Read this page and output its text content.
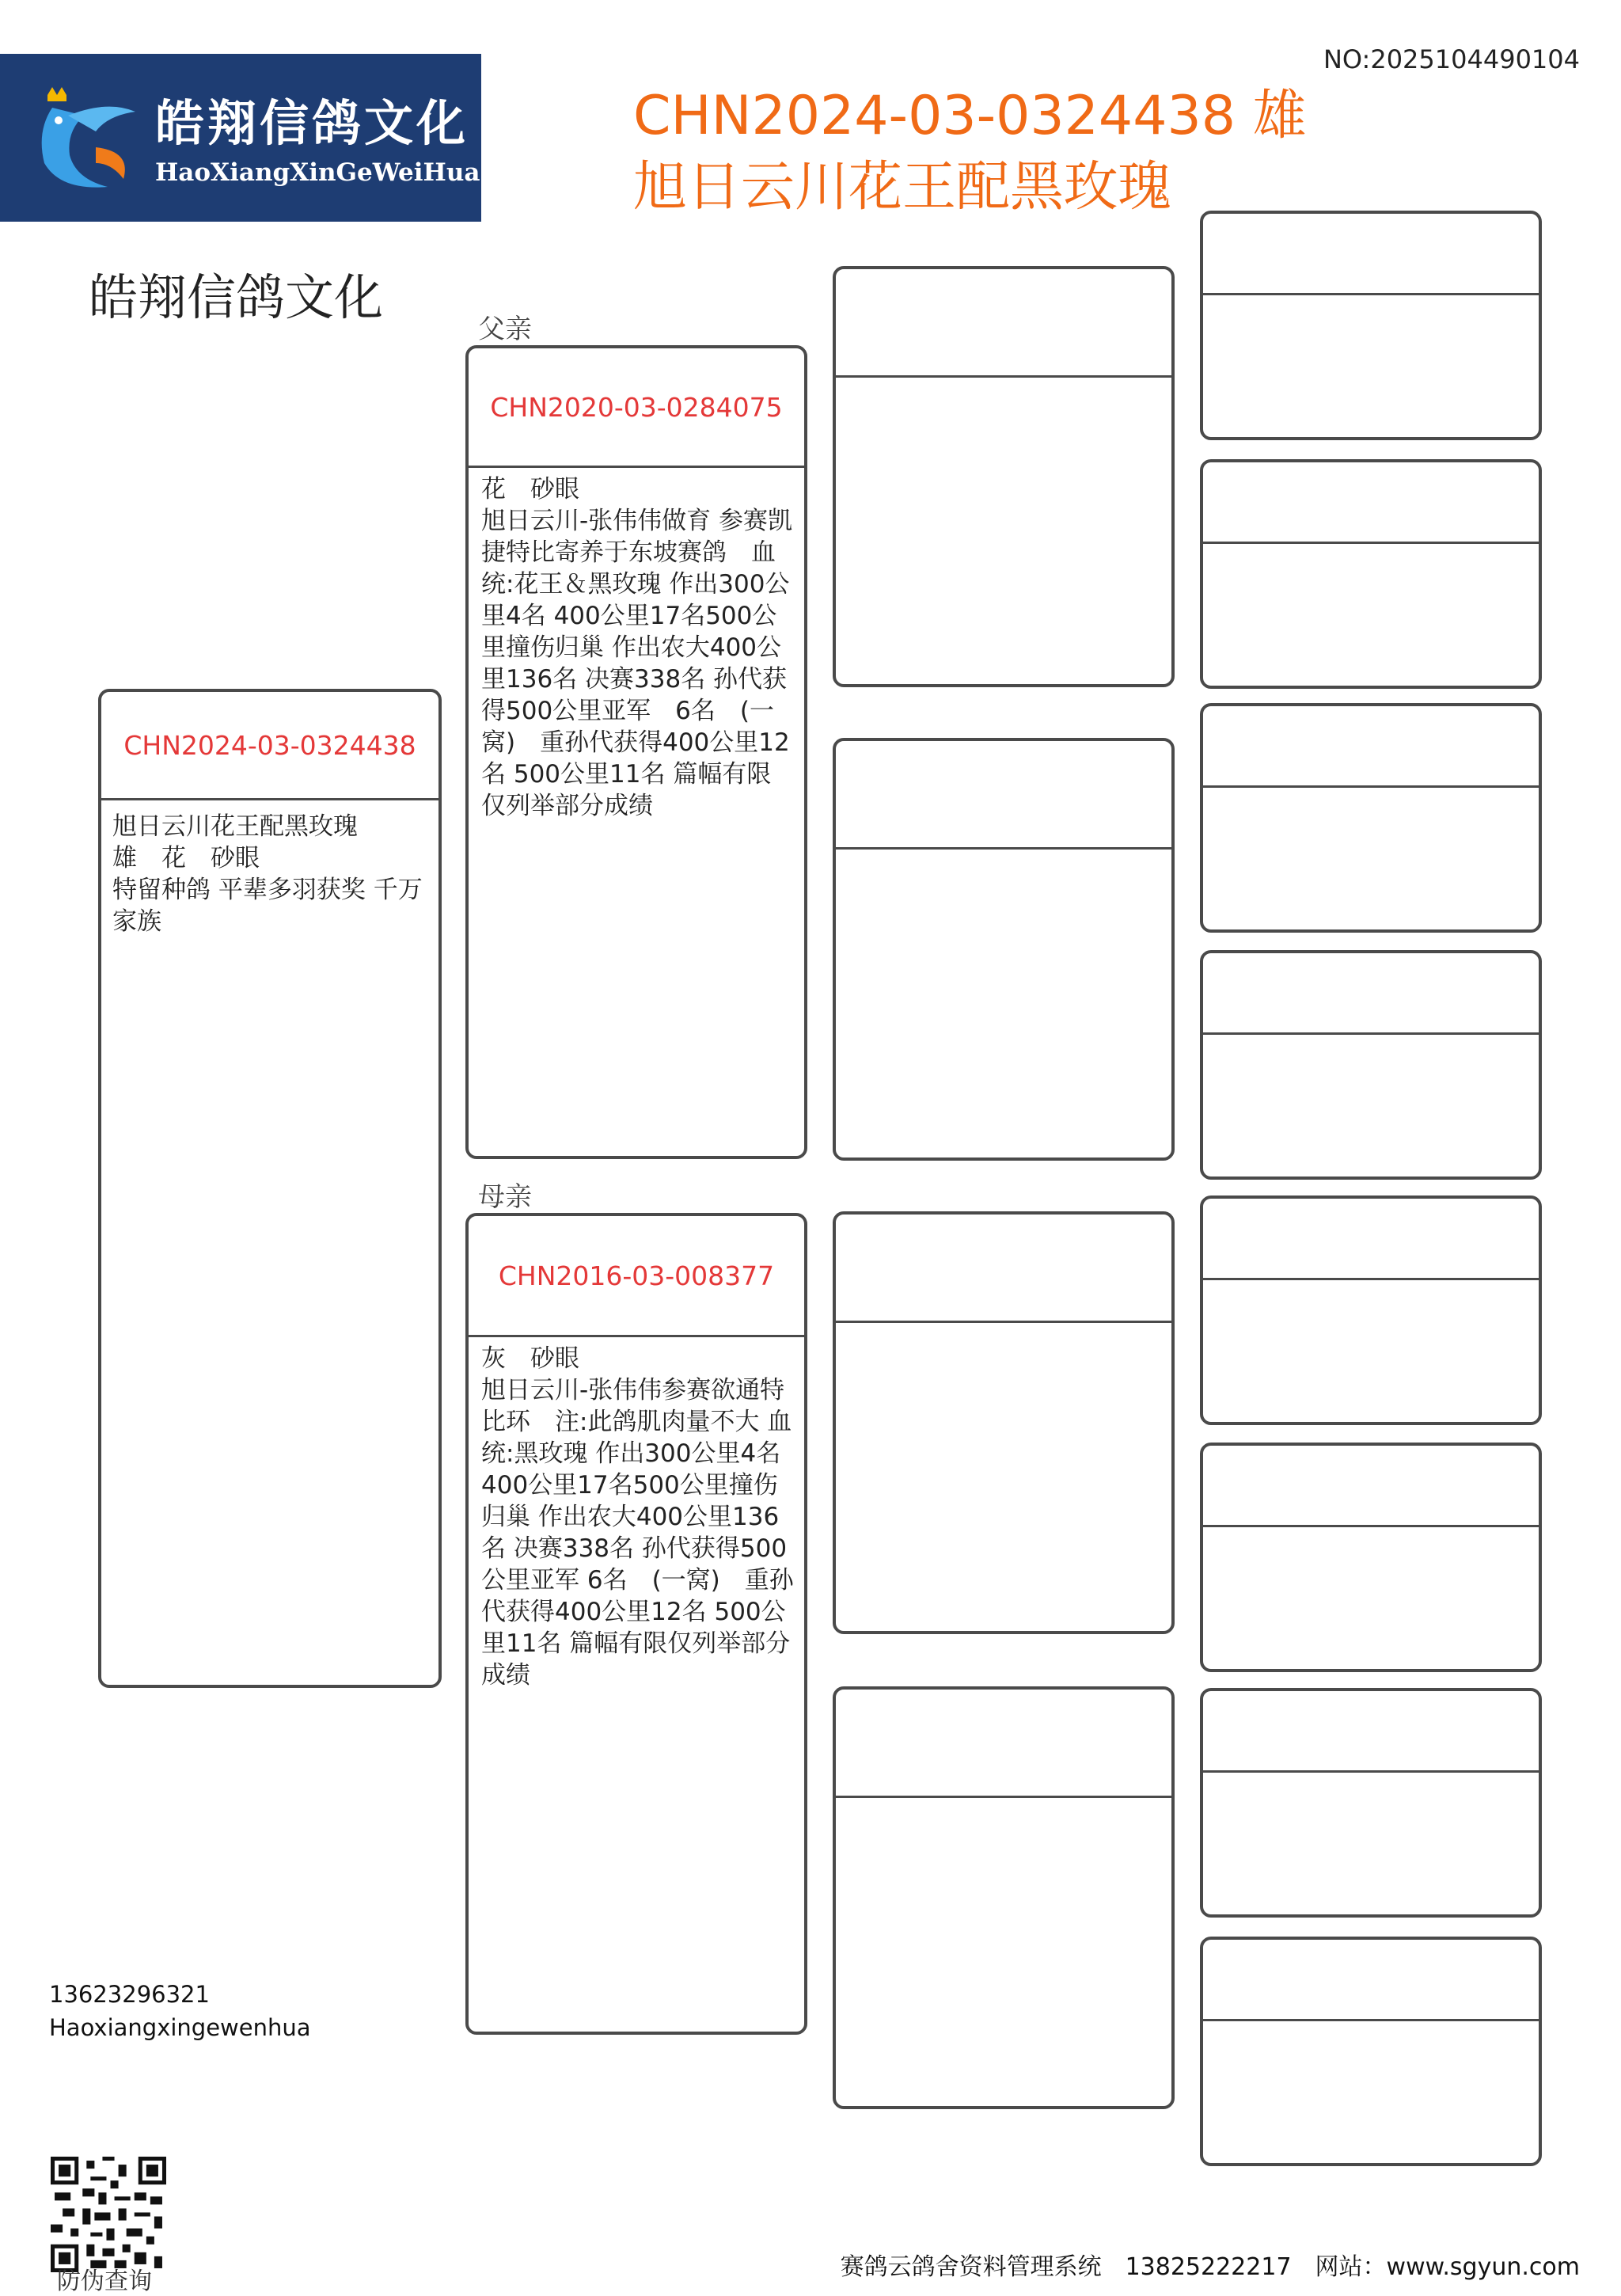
皓翔信鸽文化
HaoXiangXinGeWeiHua
NO:2025104490104
CHN2024-03-0324438 雄
旭日云川花王配黑玫瑰
皓翔信鸽文化
CHN2024-03-0324438
旭日云川花王配黑玫瑰
雄　花　砂眼
特留种鸽 平辈多羽获奖 千万家族
父亲
CHN2020-03-0284075
花　砂眼
旭日云川-张伟伟做育 参赛凯捷特比寄养于东坡赛鸽　血统:花王＆黑玫瑰 作出300公里4名 400公里17名500公里撞伤归巢 作出农大400公里136名 决赛338名 孙代获得500公里亚军　6名　(一窝)　重孙代获得400公里12名 500公里11名 篇幅有限仅列举部分成绩
母亲
CHN2016-03-008377
灰　砂眼
旭日云川-张伟伟参赛欲通特比环　注:此鸽肌肉量不大 血统:黑玫瑰 作出300公里4名 400公里17名500公里撞伤归巢 作出农大400公里136名 决赛338名 孙代获得500公里亚军 6名　(一窝)　重孙代获得400公里12名 500公里11名 篇幅有限仅列举部分成绩
13623296321
Haoxiangxingewenhua
防伪查询
赛鸽云鸽舍资料管理系统　13825222217　网站：www.sgyun.com
